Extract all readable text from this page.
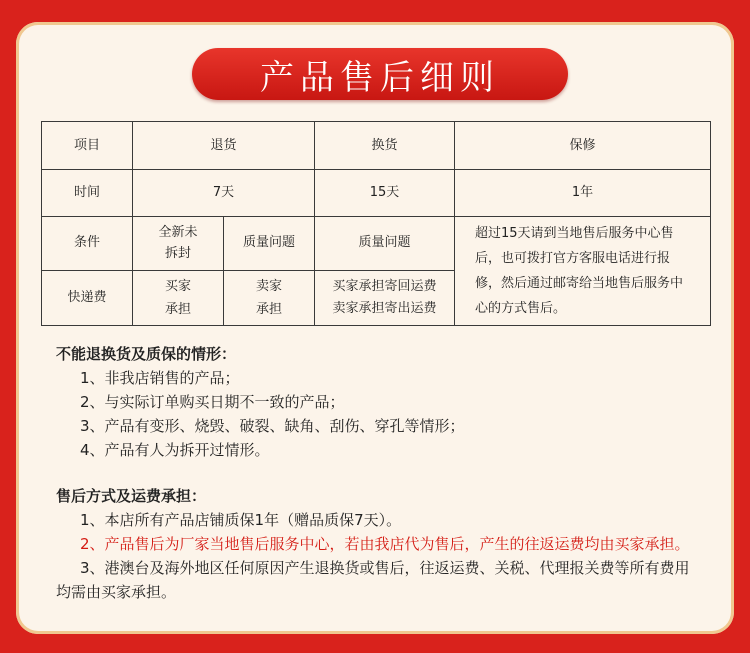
产品售后细则
项目	退货		换货	保修
时间	7天		15天	1年
条件	全新未拆封	质量问题	质量问题	超过15天请到当地售后服务中心售后，也可拨打官方客服电话进行报修，然后通过邮寄给当地售后服务中心的方式售后。
快递费	买家承担	卖家承担	买家承担寄回运费
卖家承担寄出运费	
不能退换货及质保的情形：
1、非我店销售的产品；
2、与实际订单购买日期不一致的产品；
3、产品有变形、烧毁、破裂、缺角、刮伤、穿孔等情形；
4、产品有人为拆开过情形。
售后方式及运费承担：
1、本店所有产品店铺质保1年（赠品质保7天）。
2、产品售后为厂家当地售后服务中心，若由我店代为售后，产生的往返运费均由买家承担。
3、港澳台及海外地区任何原因产生退换货或售后，往返运费、关税、代理报关费等所有费用均需由买家承担。
